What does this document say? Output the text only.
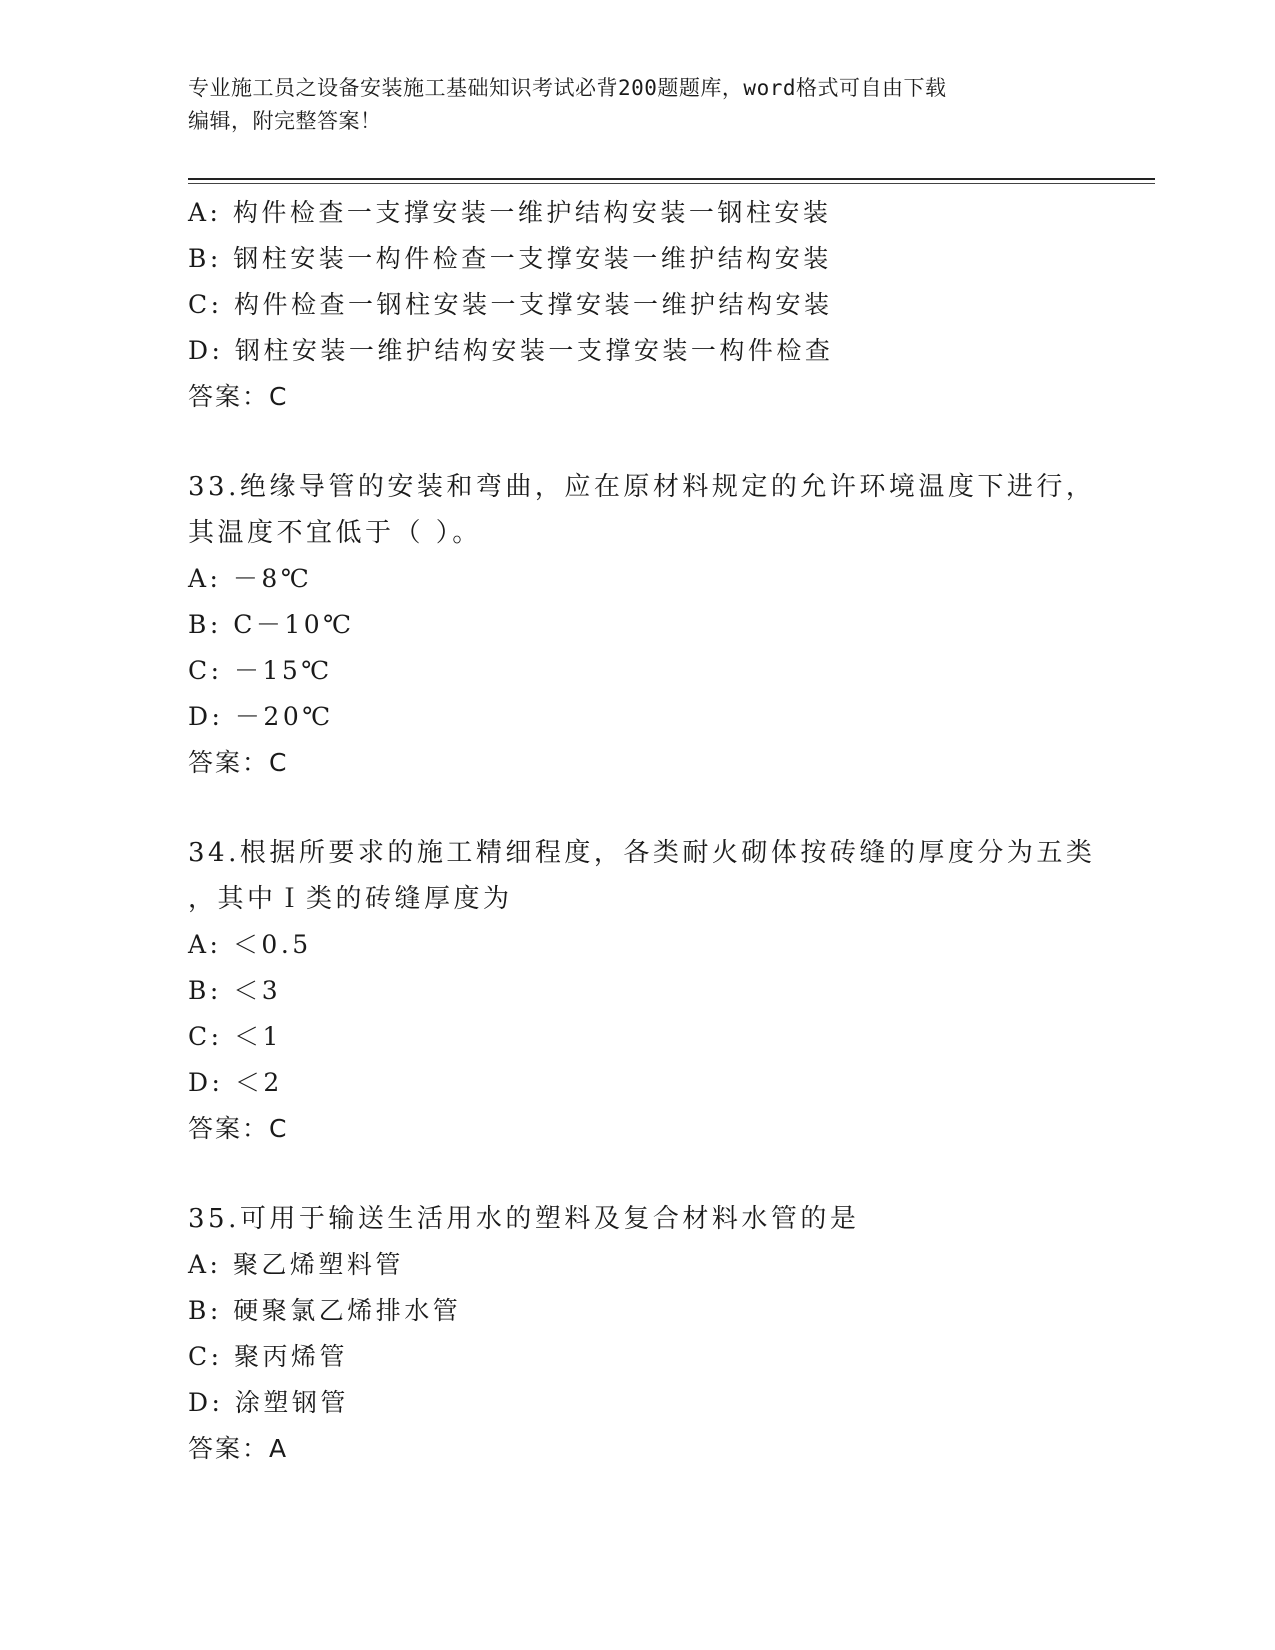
专业施工员之设备安装施工基础知识考试必背200题题库，word格式可自由下载
编辑，附完整答案！
A: 构件检查一支撑安装一维护结构安装一钢柱安装
B: 钢柱安装一构件检查一支撑安装一维护结构安装
C: 构件检查一钢柱安装一支撑安装一维护结构安装
D: 钢柱安装一维护结构安装一支撑安装一构件检查
答案：C
33.绝缘导管的安装和弯曲，应在原材料规定的允许环境温度下进行，
其温度不宜低于（ ）。
A: －8℃
B: C－10℃
C: －15℃
D: －20℃
答案：C
34.根据所要求的施工精细程度，各类耐火砌体按砖缝的厚度分为五类
，其中Ｉ类的砖缝厚度为
A: ＜0.5
B: ＜3
C: ＜1
D: ＜2
答案：C
35.可用于输送生活用水的塑料及复合材料水管的是
A: 聚乙烯塑料管
B: 硬聚氯乙烯排水管
C: 聚丙烯管
D: 涂塑钢管
答案：A
